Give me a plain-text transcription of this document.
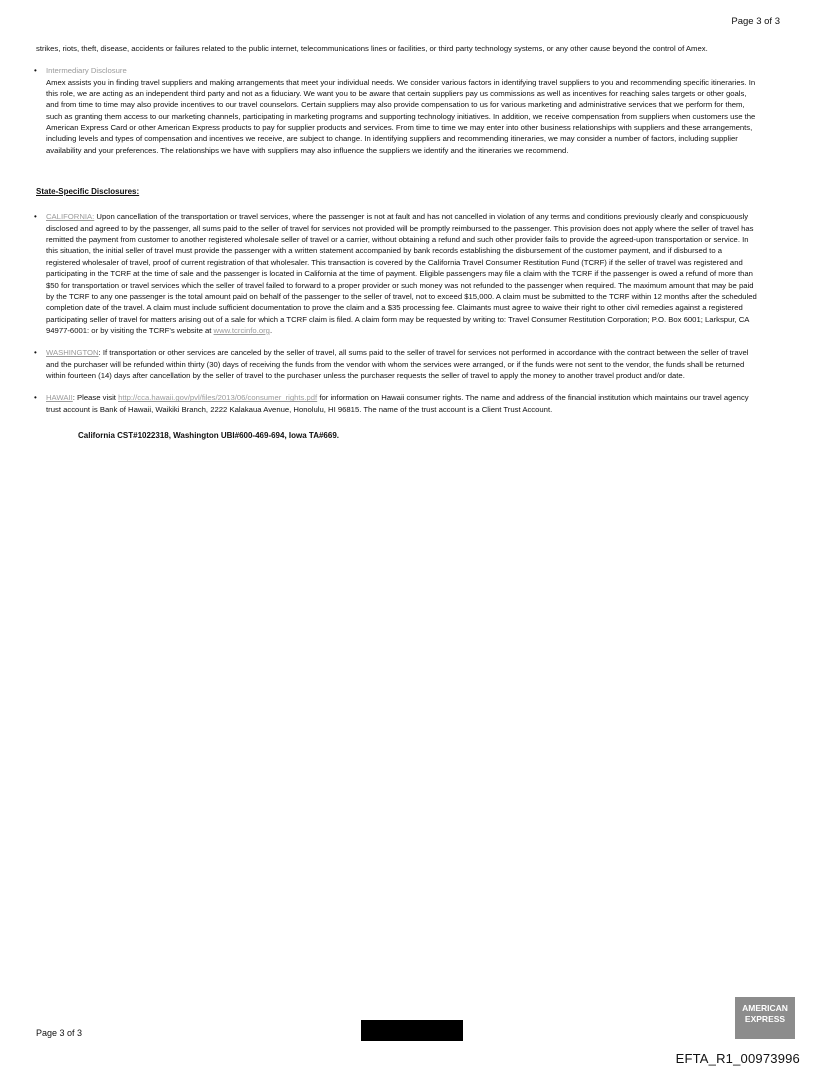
Page 3 of 3

strikes, riots, theft, disease, accidents or failures related to the public internet, telecommunications lines or facilities, or third party technology systems, or any other cause beyond the control of Amex.

• Intermediary Disclosure

Amex assists you in finding travel suppliers and making arrangements that meet your individual needs. We consider various factors in identifying travel suppliers to you and recommending specific itineraries. In this role, we are acting as an independent third party and not as a fiduciary. We want you to be aware that certain suppliers pay us commissions as well as incentives for reaching sales targets or other goals, and from time to time may also provide incentives to our travel counselors. Certain suppliers may also provide compensation to us for various marketing and administrative services that we perform for them, such as granting them access to our marketing channels, participating in marketing programs and supporting technology initiatives. In addition, we receive compensation from suppliers when customers use the American Express Card or other American Express products to pay for supplier products and services. From time to time we may enter into other business relationships with suppliers and these arrangements, including levels and types of compensation and incentives we receive, are subject to change. In identifying suppliers and recommending itineraries, we may consider a number of factors, including supplier availability and your preferences. The relationships we have with suppliers may also influence the suppliers we identify and the itineraries we recommend.

State-Specific Disclosures:

• CALIFORNIA: Upon cancellation of the transportation or travel services, where the passenger is not at fault and has not cancelled in violation of any terms and conditions previously clearly and conspicuously disclosed and agreed to by the passenger, all sums paid to the seller of travel for services not provided will be promptly reimbursed to the passenger. This provision does not apply where the seller of travel has remitted the payment from customer to another registered wholesale seller of travel or a carrier, without obtaining a refund and such other provider fails to provide the agreed-upon transportation or service. In this situation, the initial seller of travel must provide the passenger with a written statement accompanied by bank records establishing the disbursement of the customer payment, and if disbursed to a registered wholesaler of travel, proof of current registration of that wholesaler. This transaction is covered by the California Travel Consumer Restitution Fund (TCRF) if the seller of travel was registered and participating in the TCRF at the time of sale and the passenger is located in California at the time of payment. Eligible passengers may file a claim with the TCRF if the passenger is owed a refund of more than $50 for transportation or travel services which the seller of travel failed to forward to a proper provider or such money was not refunded to the passenger when required. The maximum amount that may be paid by the TCRF to any one passenger is the total amount paid on behalf of the passenger to the seller of travel, not to exceed $15,000. A claim must be submitted to the TCRF within 12 months after the scheduled completion date of the travel. A claim must include sufficient documentation to prove the claim and a $35 processing fee. Claimants must agree to waive their right to other civil remedies against a registered participating seller of travel for matters arising out of a sale for which a TCRF claim is filed. A claim form may be requested by writing to: Travel Consumer Restitution Corporation; P.O. Box 6001; Larkspur, CA 94977-6001: or by visiting the TCRF's website at www.tcrcinfo.org.

• WASHINGTON: If transportation or other services are canceled by the seller of travel, all sums paid to the seller of travel for services not performed in accordance with the contract between the seller of travel and the purchaser will be refunded within thirty (30) days of receiving the funds from the vendor with whom the services were arranged, or if the funds were not sent to the vendor, the funds shall be returned within fourteen (14) days after cancellation by the seller of travel to the purchaser unless the purchaser requests the seller of travel to apply the money to another travel product and/or date.

• HAWAII: Please visit http://cca.hawaii.gov/pvl/files/2013/06/consumer_rights.pdf for information on Hawaii consumer rights. The name and address of the financial institution which maintains our travel agency trust account is Bank of Hawaii, Waikiki Branch, 2222 Kalakaua Avenue, Honolulu, HI 96815. The name of the trust account is a Client Trust Account.

California CST#1022318, Washington UBI#600-469-694, Iowa TA#669.

Page 3 of 3
AMERICAN
EXPRESS
EFTA_R1_00973996
